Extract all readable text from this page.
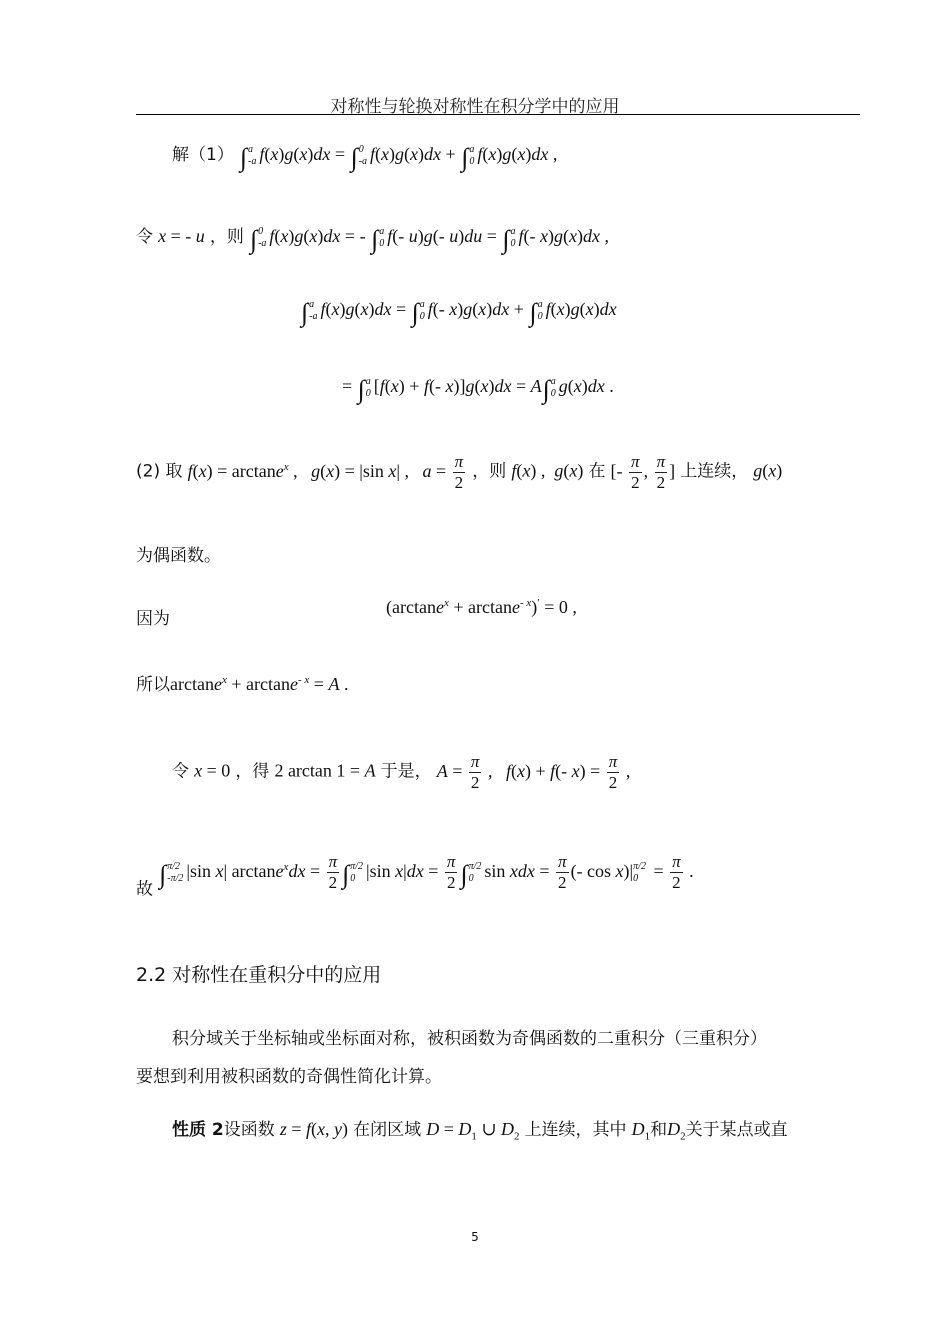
对称性与轮换对称性在积分学中的应用
解（1） ∫ a
-a f(x)g(x)dx = ∫ 0
-a f(x)g(x)dx + ∫ a
0 f(x)g(x)dx ,
令 x = - u ，则 ∫ 0
-a f(x)g(x)dx = - ∫ a
0 f(- u)g(- u)du = ∫ a
0 f(- x)g(x)dx ,
∫ a
-a f(x)g(x)dx = ∫ a
0 f(- x)g(x)dx + ∫ a
0 f(x)g(x)dx
= ∫ a
0 [f(x) + f(- x)]g(x)dx = A∫ a
0 g(x)dx .
(2) 取 f(x) = arctane$^x$ ,   g(x) = |sin x| ,   $a = \frac{\pi}{2}$ ，则 f(x) ,  g(x) 在 [- $\frac{\pi}{2}$ , $\frac{\pi}{2}$ ] 上连续， g(x)
为偶函数。
因为
(arctane$^x$ + arctane$^{- x}$)′ = 0 ,
所以arctane$^x$ + arctane$^{- x}$ = A .
令 x = 0 ，得 2 arctan 1 = A 于是， $A = \frac{\pi}{2}$ ,   f(x) + f(- $x) = \frac{\pi}{2}$ ,
故 ∫ π/2
-π/2 |sin x| $\arctan e^xdx = \frac{\pi}{2}$ ∫ π/2
0 |sin $x|dx = \frac{\pi}{2}$ ∫ π/2
0 sin xdx = $\frac{\pi}{2}$ (- cos x)| π/2
$0 = \frac{\pi}{2}$ .
2.2 对称性在重积分中的应用
积分域关于坐标轴或坐标面对称，被积函数为奇偶函数的二重积分（三重积分）
要想到利用被积函数的奇偶性简化计算。
性质 2设函数 z = f(x, y) 在闭区域 $D = D_1$ ∪ $D_2$ 上连续，其中 $D_1$和$D_2$关于某点或直
5
